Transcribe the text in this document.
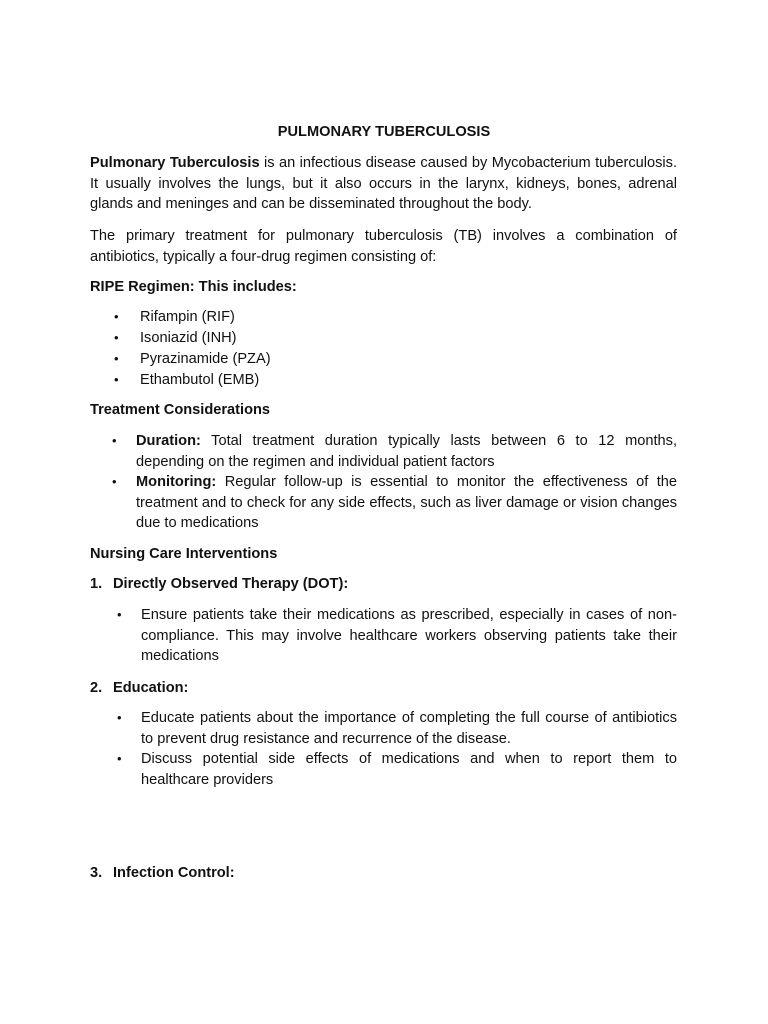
PULMONARY TUBERCULOSIS

Pulmonary Tuberculosis is an infectious disease caused by Mycobacterium tuberculosis. It usually involves the lungs, but it also occurs in the larynx, kidneys, bones, adrenal glands and meninges and can be disseminated throughout the body.

The primary treatment for pulmonary tuberculosis (TB) involves a combination of antibiotics, typically a four-drug regimen consisting of:

RIPE Regimen: This includes:

• Rifampin (RIF)
• Isoniazid (INH)
• Pyrazinamide (PZA)
• Ethambutol (EMB)

Treatment Considerations

• Duration: Total treatment duration typically lasts between 6 to 12 months, depending on the regimen and individual patient factors
• Monitoring: Regular follow-up is essential to monitor the effectiveness of the treatment and to check for any side effects, such as liver damage or vision changes due to medications

Nursing Care Interventions

1. Directly Observed Therapy (DOT):
• Ensure patients take their medications as prescribed, especially in cases of non-compliance. This may involve healthcare workers observing patients take their medications
2. Education:
• Educate patients about the importance of completing the full course of antibiotics to prevent drug resistance and recurrence of the disease.
• Discuss potential side effects of medications and when to report them to healthcare providers
3. Infection Control:
